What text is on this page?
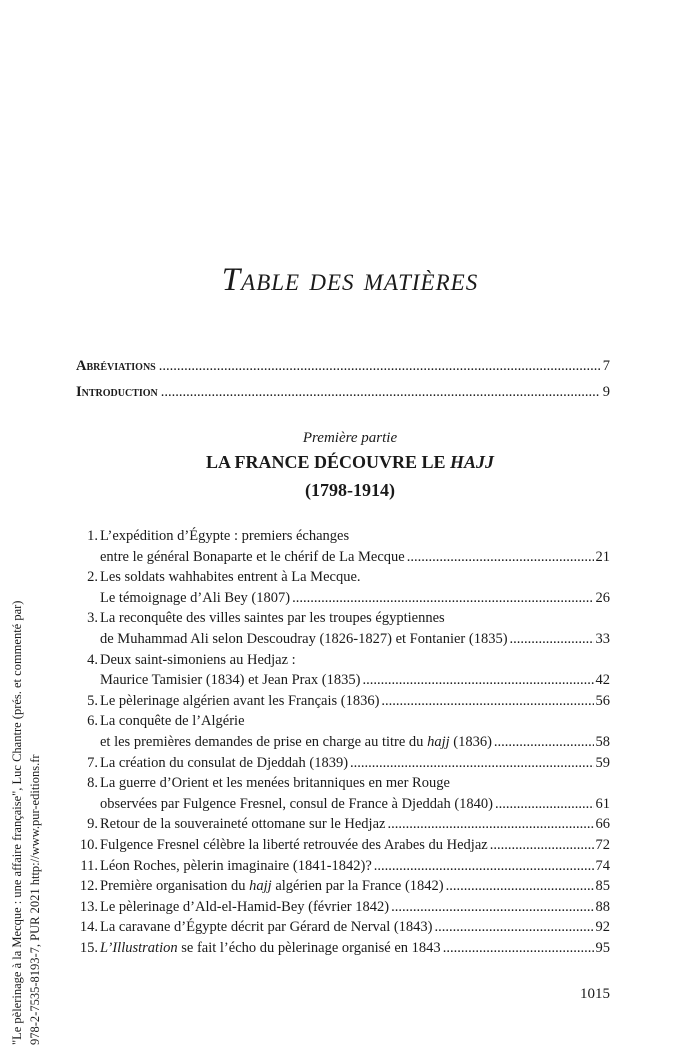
Table des matières
Abréviations .....	7
Introduction .....	9
Première partie
LA FRANCE DÉCOUVRE LE HAJJ
(1798-1914)
1. L’expédition d’Égypte : premiers échanges
entre le général Bonaparte et le chérif de La Mecque .....	21
2. Les soldats wahhabites entrent à La Mecque.
Le témoignage d’Ali Bey (1807) .....	26
3. La reconquête des villes saintes par les troupes égyptiennes
de Muhammad Ali selon Descoudray (1826-1827) et Fontanier (1835) .....	33
4. Deux saint-simoniens au Hedjaz :
Maurice Tamisier (1834) et Jean Prax (1835) .....	42
5. Le pèlerinage algérien avant les Français (1836) .....	56
6. La conquête de l’Algérie
et les premières demandes de prise en charge au titre du hajj (1836) .....	58
7. La création du consulat de Djeddah (1839) .....	59
8. La guerre d’Orient et les menées britanniques en mer Rouge
observées par Fulgence Fresnel, consul de France à Djeddah (1840) .....	61
9. Retour de la souveraineté ottomane sur le Hedjaz .....	66
10. Fulgence Fresnel célèbre la liberté retrouvée des Arabes du Hedjaz .....	72
11. Léon Roches, pèlerin imaginaire (1841-1842)? .....	74
12. Première organisation du hajj algérien par la France (1842) .....	85
13. Le pèlerinage d’Ald-el-Hamid-Bey (février 1842) .....	88
14. La caravane d’Égypte décrit par Gérard de Nerval (1843) .....	92
15. L’Illustration se fait l’écho du pèlerinage organisé en 1843 .....	95
1015
"Le pèlerinage à la Mecque : une affaire française", Luc Chantre (prés. et commenté par) 978-2-7535-8193-7, PUR 2021 http://www.pur-editions.fr
